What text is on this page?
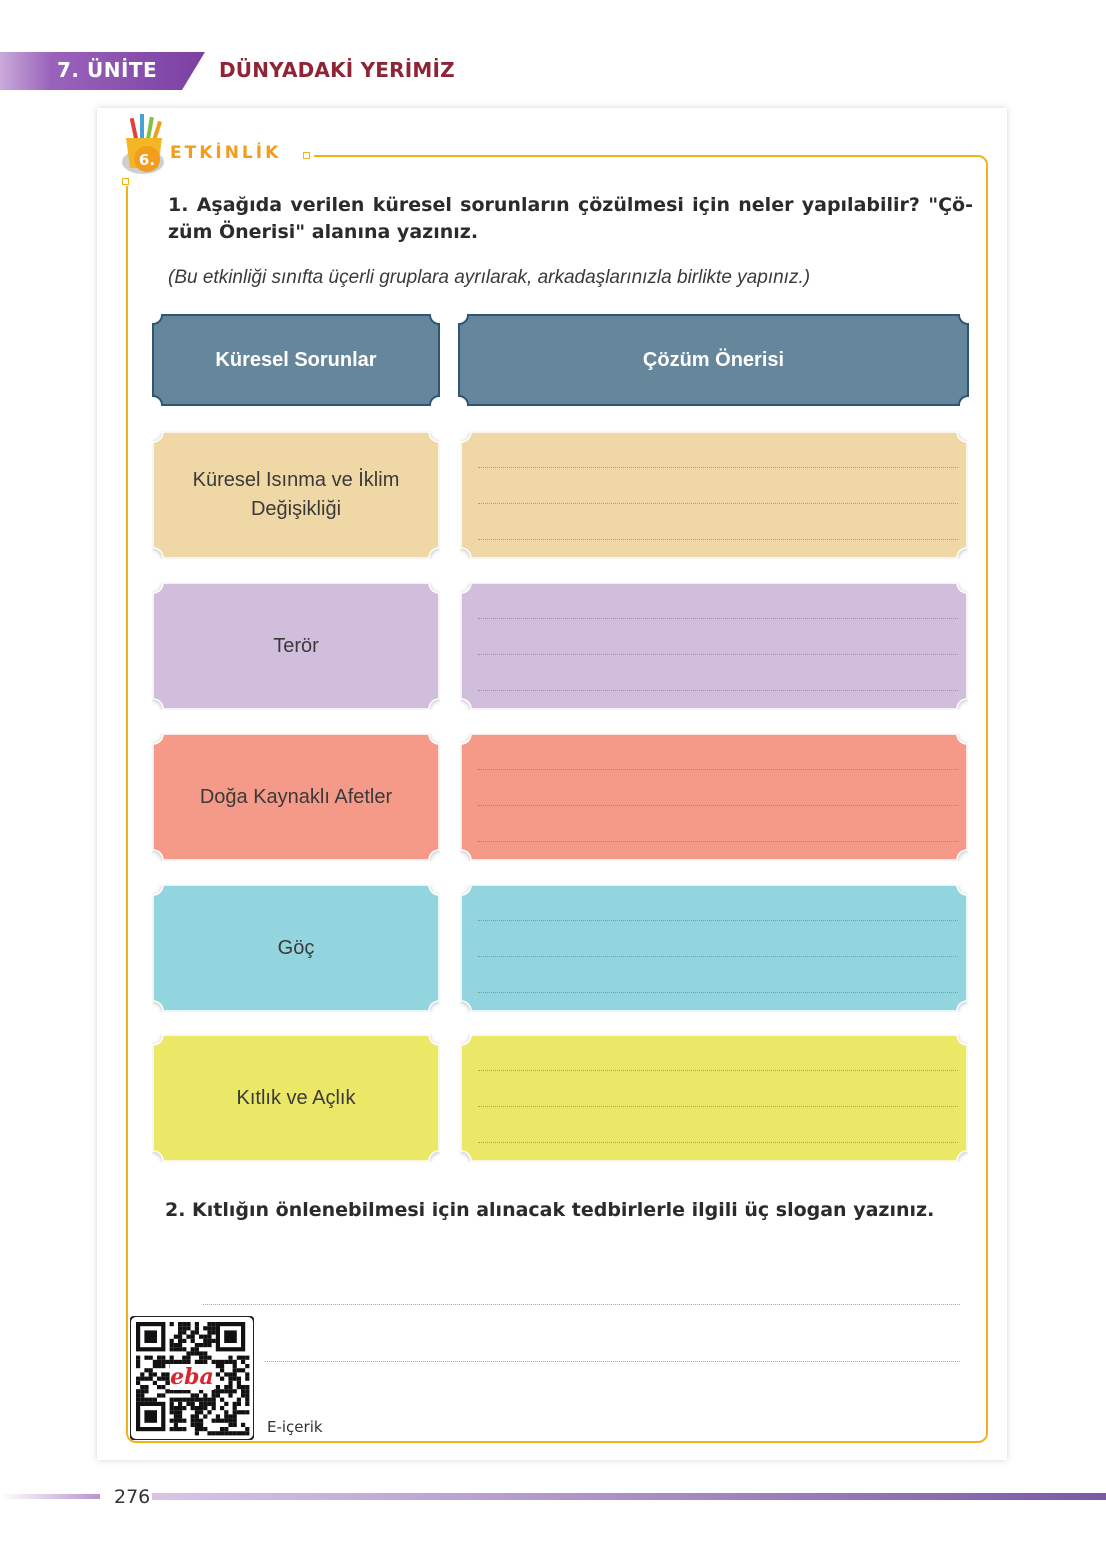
7. ÜNİTE	DÜNYADAKİ YERİMİZ
6. ETKİNLİK
1. Aşağıda verilen küresel sorunların çözülmesi için neler yapılabilir? "Çö-züm Önerisi" alanına yazınız.
(Bu etkinliği sınıfta üçerli gruplara ayrılarak, arkadaşlarınızla birlikte yapınız.)
Küresel Sorunlar	Çözüm Önerisi
Küresel Isınma ve İklim Değişikliği
Terör
Doğa Kaynaklı Afetler
Göç
Kıtlık ve Açlık
2. Kıtlığın önlenebilmesi için alınacak tedbirlerle ilgili üç slogan yazınız.
eba
E-içerik
276
